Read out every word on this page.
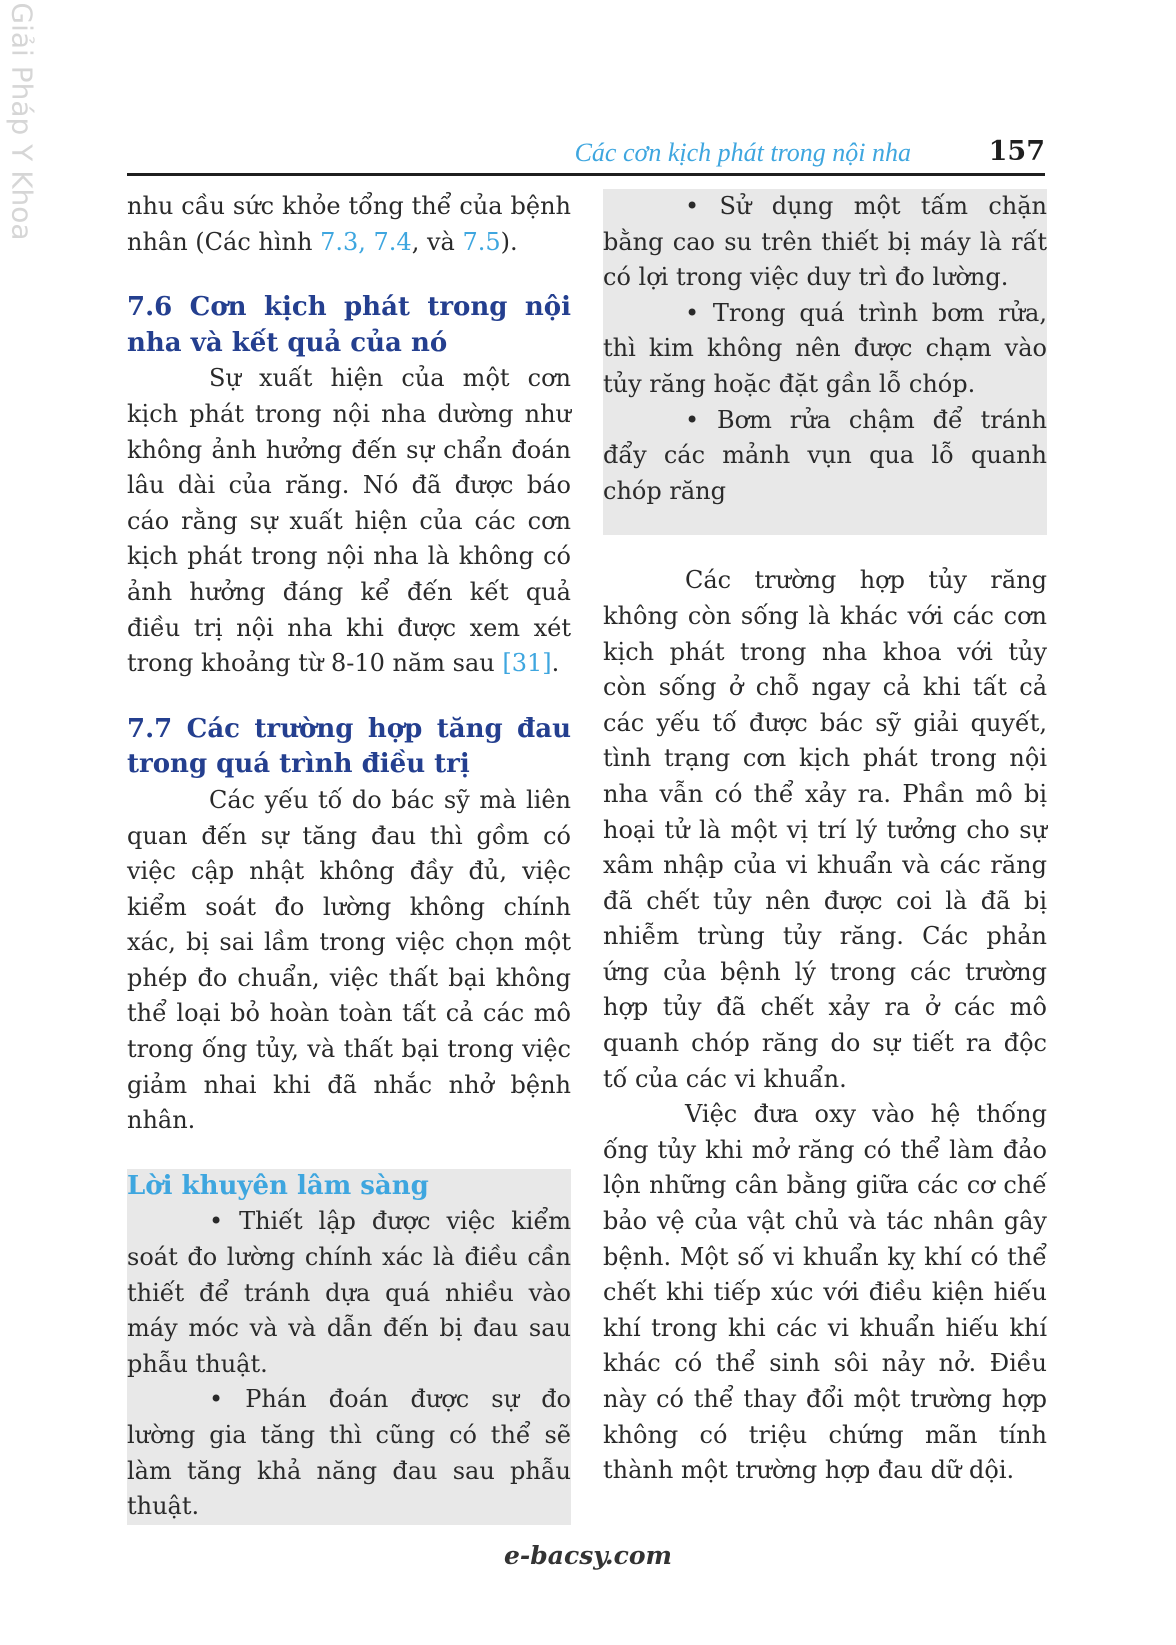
Giải Pháp Y Khoa	Các cơn kịch phát trong nội nha	157

nhu cầu sức khỏe tổng thể của bệnh nhân (Các hình 7.3, 7.4, và 7.5).

7.6 Cơn kịch phát trong nội nha và kết quả của nó

Sự xuất hiện của một cơn kịch phát trong nội nha dường như không ảnh hưởng đến sự chẩn đoán lâu dài của răng. Nó đã được báo cáo rằng sự xuất hiện của các cơn kịch phát trong nội nha là không có ảnh hưởng đáng kể đến kết quả điều trị nội nha khi được xem xét trong khoảng từ 8-10 năm sau [31].

7.7 Các trường hợp tăng đau trong quá trình điều trị

Các yếu tố do bác sỹ mà liên quan đến sự tăng đau thì gồm có việc cập nhật không đầy đủ, việc kiểm soát đo lường không chính xác, bị sai lầm trong việc chọn một phép đo chuẩn, việc thất bại không thể loại bỏ hoàn toàn tất cả các mô trong ống tủy, và thất bại trong việc giảm nhai khi đã nhắc nhở bệnh nhân.

Lời khuyên lâm sàng

• Thiết lập được việc kiểm soát đo lường chính xác là điều cần thiết để tránh dựa quá nhiều vào máy móc và và dẫn đến bị đau sau phẫu thuật.

• Phán đoán được sự đo lường gia tăng thì cũng có thể sẽ làm tăng khả năng đau sau phẫu thuật.

• Sử dụng một tấm chặn bằng cao su trên thiết bị máy là rất có lợi trong việc duy trì đo lường.

• Trong quá trình bơm rửa, thì kim không nên được chạm vào tủy răng hoặc đặt gần lỗ chóp.

• Bơm rửa chậm để tránh đẩy các mảnh vụn qua lỗ quanh chóp răng

Các trường hợp tủy răng không còn sống là khác với các cơn kịch phát trong nha khoa với tủy còn sống ở chỗ ngay cả khi tất cả các yếu tố được bác sỹ giải quyết, tình trạng cơn kịch phát trong nội nha vẫn có thể xảy ra. Phần mô bị hoại tử là một vị trí lý tưởng cho sự xâm nhập của vi khuẩn và các răng đã chết tủy nên được coi là đã bị nhiễm trùng tủy răng. Các phản ứng của bệnh lý trong các trường hợp tủy đã chết xảy ra ở các mô quanh chóp răng do sự tiết ra độc tố của các vi khuẩn.

Việc đưa oxy vào hệ thống ống tủy khi mở răng có thể làm đảo lộn những cân bằng giữa các cơ chế bảo vệ của vật chủ và tác nhân gây bệnh. Một số vi khuẩn kỵ khí có thể chết khi tiếp xúc với điều kiện hiếu khí trong khi các vi khuẩn hiếu khí khác có thể sinh sôi nảy nở. Điều này có thể thay đổi một trường hợp không có triệu chứng mãn tính thành một trường hợp đau dữ dội.

e-bacsy.com
